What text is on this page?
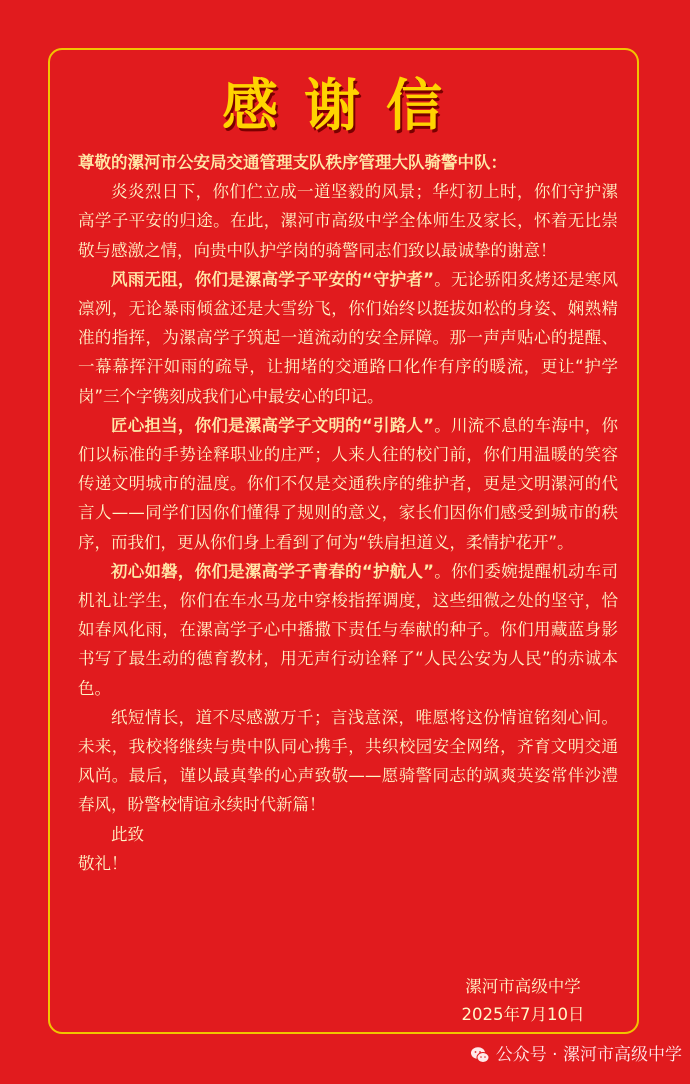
感谢信

尊敬的漯河市公安局交通管理支队秩序管理大队骑警中队：

炎炎烈日下，你们伫立成一道坚毅的风景；华灯初上时，你们守护漯高学子平安的归途。在此，漯河市高级中学全体师生及家长，怀着无比崇敬与感激之情，向贵中队护学岗的骑警同志们致以最诚挚的谢意！

风雨无阻，你们是漯高学子平安的“守护者”。无论骄阳炙烤还是寒风凛冽，无论暴雨倾盆还是大雪纷飞，你们始终以挺拔如松的身姿、娴熟精准的指挥，为漯高学子筑起一道流动的安全屏障。那一声声贴心的提醒、一幕幕挥汗如雨的疏导，让拥堵的交通路口化作有序的暖流，更让“护学岗”三个字镌刻成我们心中最安心的印记。

匠心担当，你们是漯高学子文明的“引路人”。川流不息的车海中，你们以标准的手势诠释职业的庄严；人来人往的校门前，你们用温暖的笑容传递文明城市的温度。你们不仅是交通秩序的维护者，更是文明漯河的代言人——同学们因你们懂得了规则的意义，家长们因你们感受到城市的秩序，而我们，更从你们身上看到了何为“铁肩担道义，柔情护花开”。

初心如磐，你们是漯高学子青春的“护航人”。你们委婉提醒机动车司机礼让学生，你们在车水马龙中穿梭指挥调度，这些细微之处的坚守，恰如春风化雨，在漯高学子心中播撒下责任与奉献的种子。你们用藏蓝身影书写了最生动的德育教材，用无声行动诠释了“人民公安为人民”的赤诚本色。

纸短情长，道不尽感激万千；言浅意深，唯愿将这份情谊铭刻心间。未来，我校将继续与贵中队同心携手，共织校园安全网络，齐育文明交通风尚。最后，谨以最真挚的心声致敬——愿骑警同志的飒爽英姿常伴沙澧春风，盼警校情谊永续时代新篇！

此致

敬礼！

漯河市高级中学
2025年7月10日
公众号 · 漯河市高级中学
